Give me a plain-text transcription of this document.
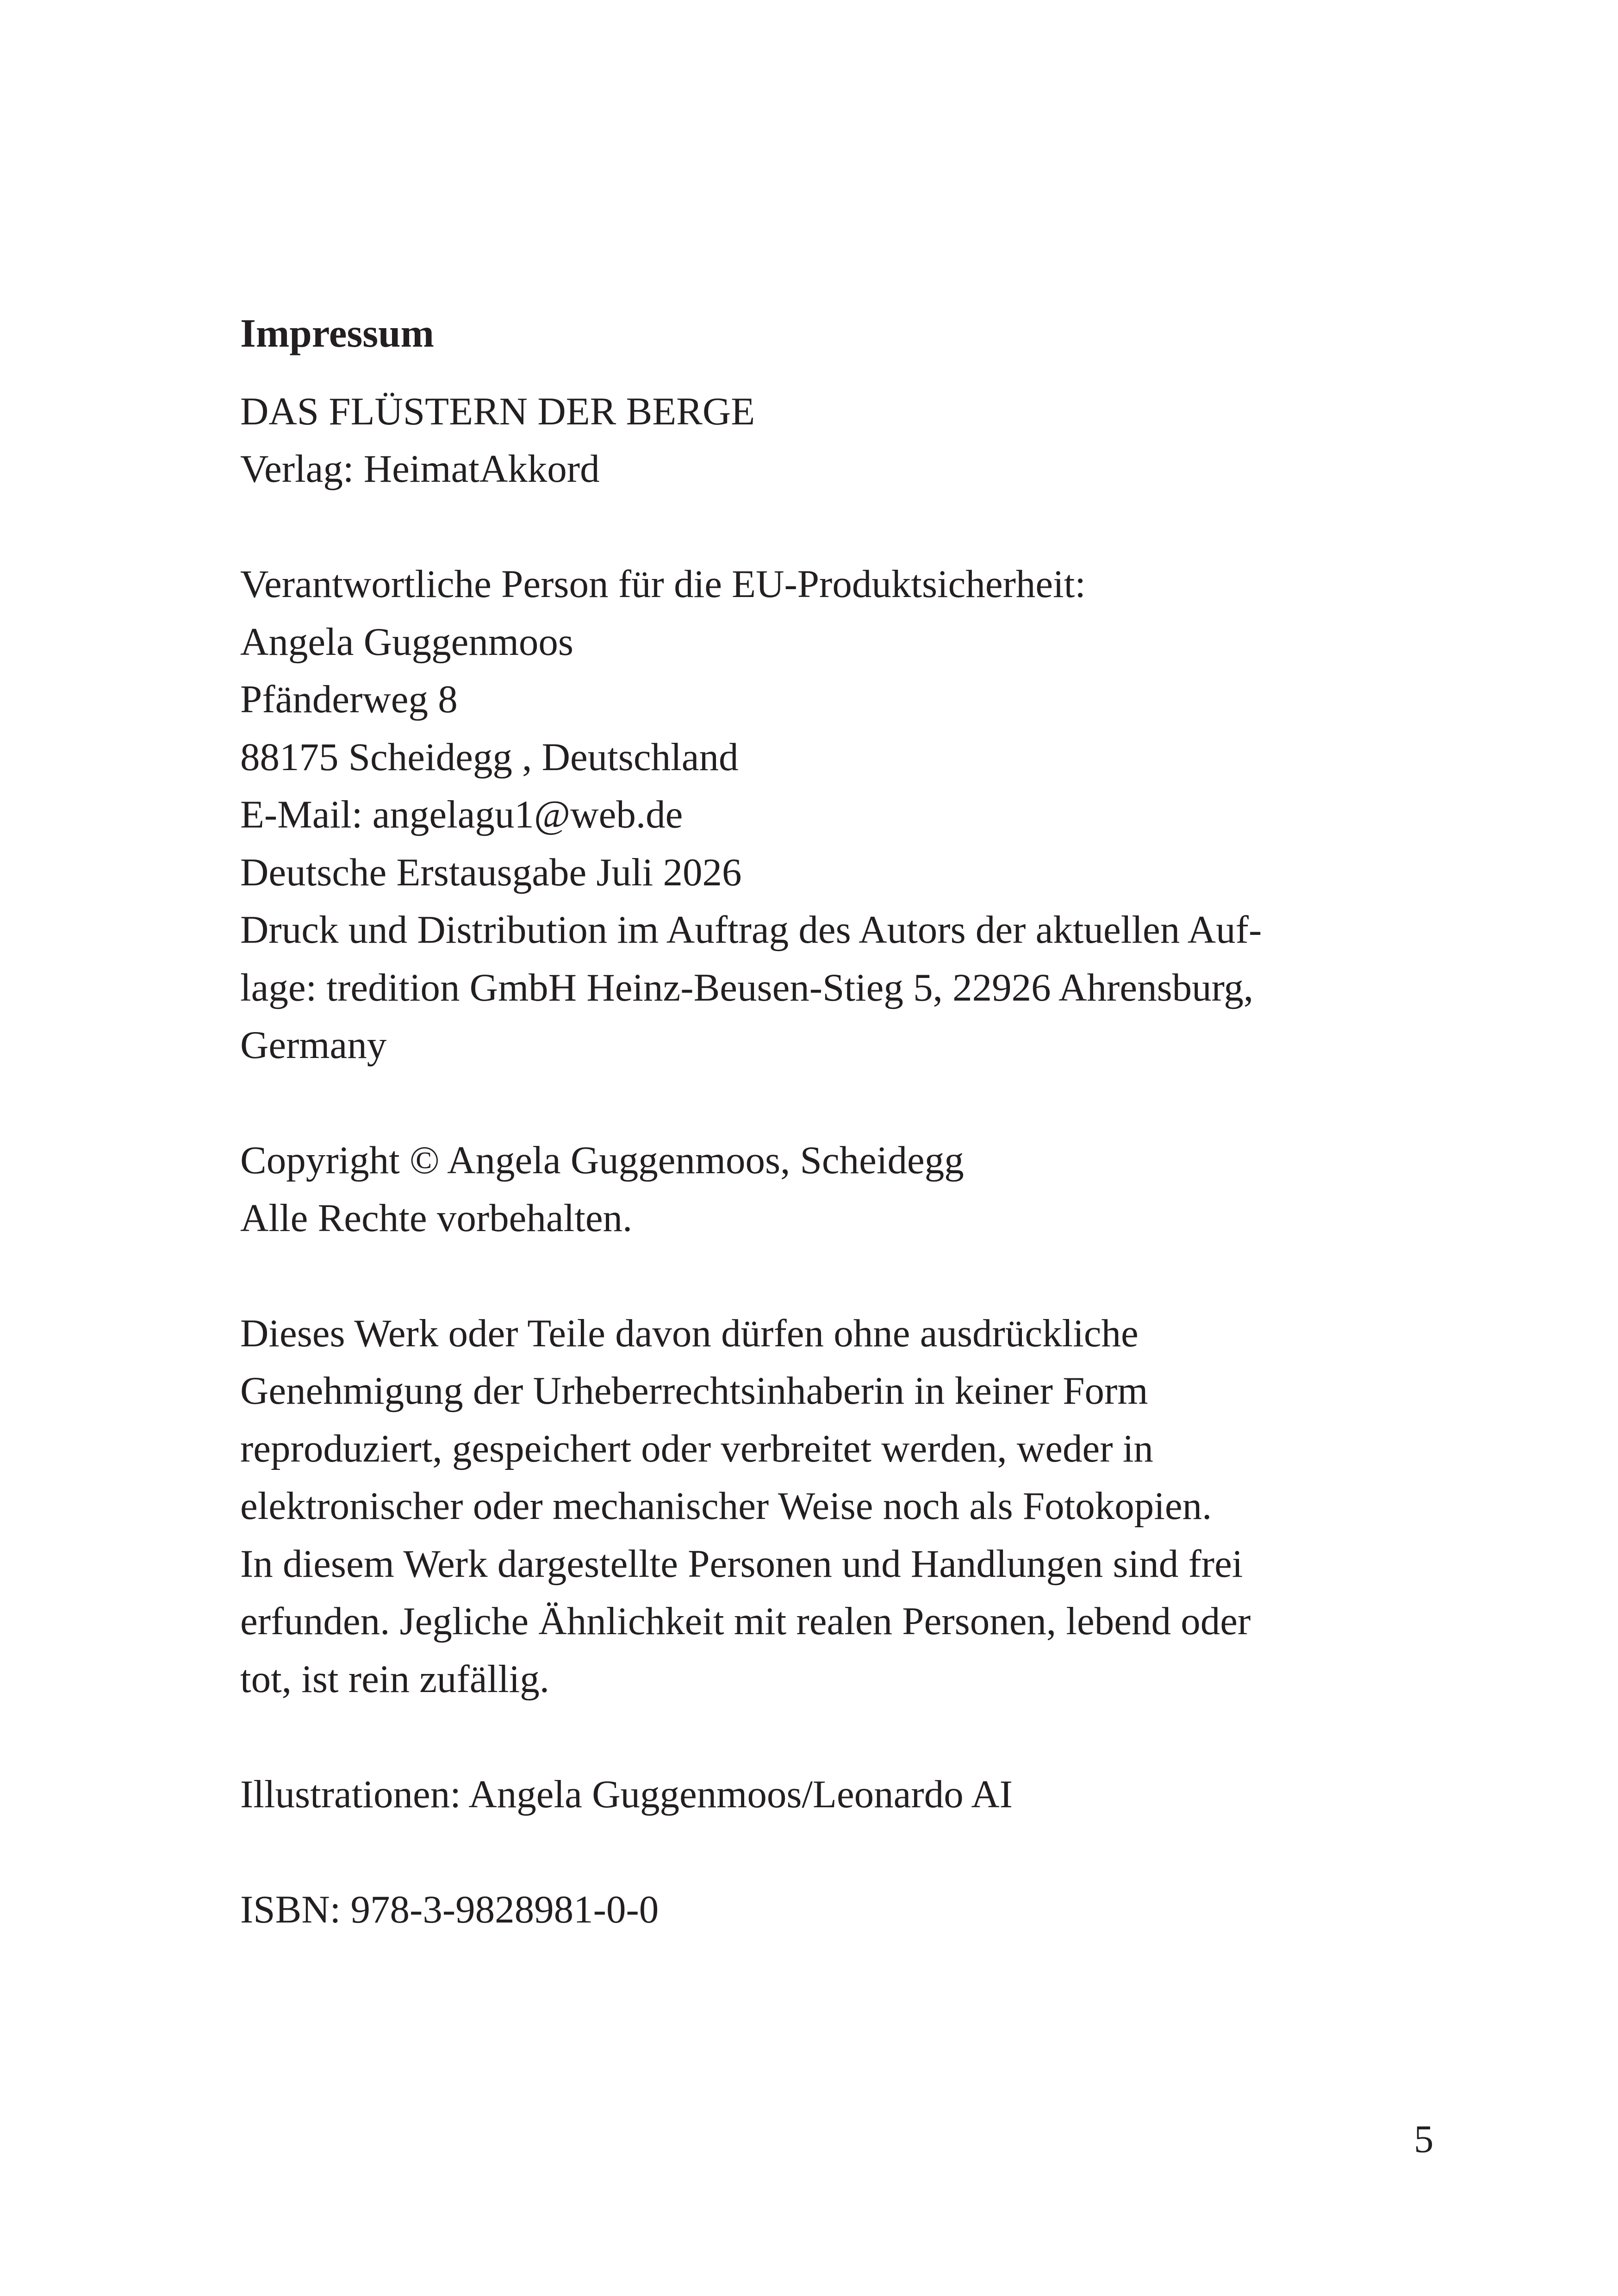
Impressum
DAS FLÜSTERN DER BERGE
Verlag: HeimatAkkord
Verantwortliche Person für die EU-Produktsicherheit:
Angela Guggenmoos
Pfänderweg 8
88175 Scheidegg , Deutschland
E-Mail: angelagu1@web.de
Deutsche Erstausgabe Juli 2026
Druck und Distribution im Auftrag des Autors der aktuellen Auf-
lage: tredition GmbH Heinz-Beusen-Stieg 5, 22926 Ahrensburg,
Germany
Copyright © Angela Guggenmoos, Scheidegg
Alle Rechte vorbehalten.
Dieses Werk oder Teile davon dürfen ohne ausdrückliche
Genehmigung der Urheberrechtsinhaberin in keiner Form
reproduziert, gespeichert oder verbreitet werden, weder in
elektronischer oder mechanischer Weise noch als Fotokopien.
In diesem Werk dargestellte Personen und Handlungen sind frei
erfunden. Jegliche Ähnlichkeit mit realen Personen, lebend oder
tot, ist rein zufällig.
Illustrationen: Angela Guggenmoos/Leonardo AI
ISBN: 978-3-9828981-0-0
5
